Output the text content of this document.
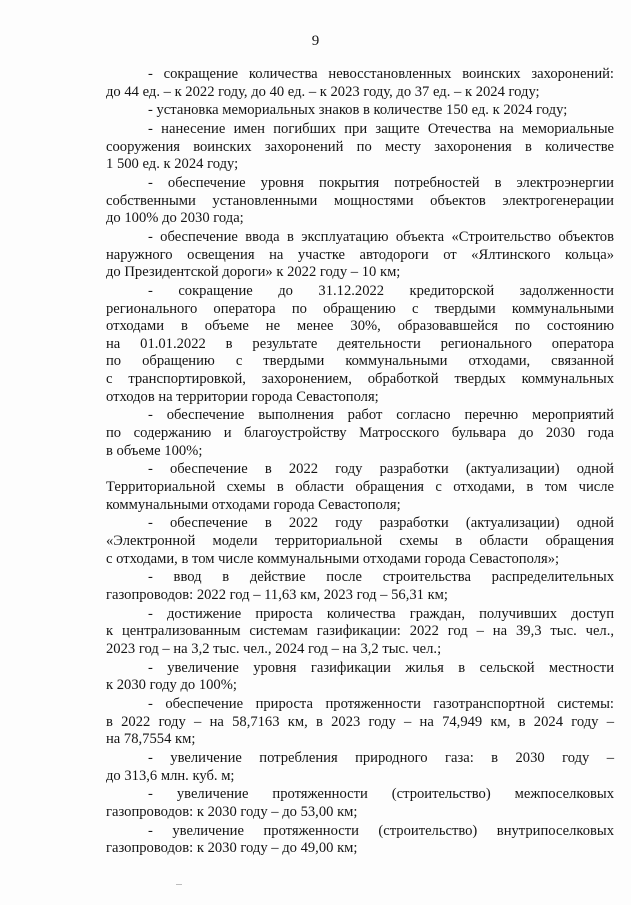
9
- сокращение количества невосстановленных воинских захоронений:
до 44 ед. – к 2022 году, до 40 ед. – к 2023 году, до 37 ед. – к 2024 году;
- установка мемориальных знаков в количестве 150 ед. к 2024 году;
- нанесение имен погибших при защите Отечества на мемориальные
сооружения воинских захоронений по месту захоронения в количестве
1 500 ед. к 2024 году;
- обеспечение уровня покрытия потребностей в электроэнергии
собственными установленными мощностями объектов электрогенерации
до 100% до 2030 года;
- обеспечение ввода в эксплуатацию объекта «Строительство объектов
наружного освещения на участке автодороги от «Ялтинского кольца»
до Президентской дороги» к 2022 году – 10 км;
- сокращение до 31.12.2022 кредиторской задолженности
регионального оператора по обращению с твердыми коммунальными
отходами в объеме не менее 30%, образовавшейся по состоянию
на 01.01.2022 в результате деятельности регионального оператора
по обращению с твердыми коммунальными отходами, связанной
с транспортировкой, захоронением, обработкой твердых коммунальных
отходов на территории города Севастополя;
- обеспечение выполнения работ согласно перечню мероприятий
по содержанию и благоустройству Матросского бульвара до 2030 года
в объеме 100%;
- обеспечение в 2022 году разработки (актуализации) одной
Территориальной схемы в области обращения с отходами, в том числе
коммунальными отходами города Севастополя;
- обеспечение в 2022 году разработки (актуализации) одной
«Электронной модели территориальной схемы в области обращения
с отходами, в том числе коммунальными отходами города Севастополя»;
- ввод в действие после строительства распределительных
газопроводов: 2022 год – 11,63 км, 2023 год – 56,31 км;
- достижение прироста количества граждан, получивших доступ
к централизованным системам газификации: 2022 год – на 39,3 тыс. чел.,
2023 год – на 3,2 тыс. чел., 2024 год – на 3,2 тыс. чел.;
- увеличение уровня газификации жилья в сельской местности
к 2030 году до 100%;
- обеспечение прироста протяженности газотранспортной системы:
в 2022 году – на 58,7163 км, в 2023 году – на 74,949 км, в 2024 году –
на 78,7554 км;
- увеличение потребления природного газа: в 2030 году –
до 313,6 млн. куб. м;
- увеличение протяженности (строительство) межпоселковых
газопроводов: к 2030 году – до 53,00 км;
- увеличение протяженности (строительство) внутрипоселковых
газопроводов: к 2030 году – до 49,00 км;
